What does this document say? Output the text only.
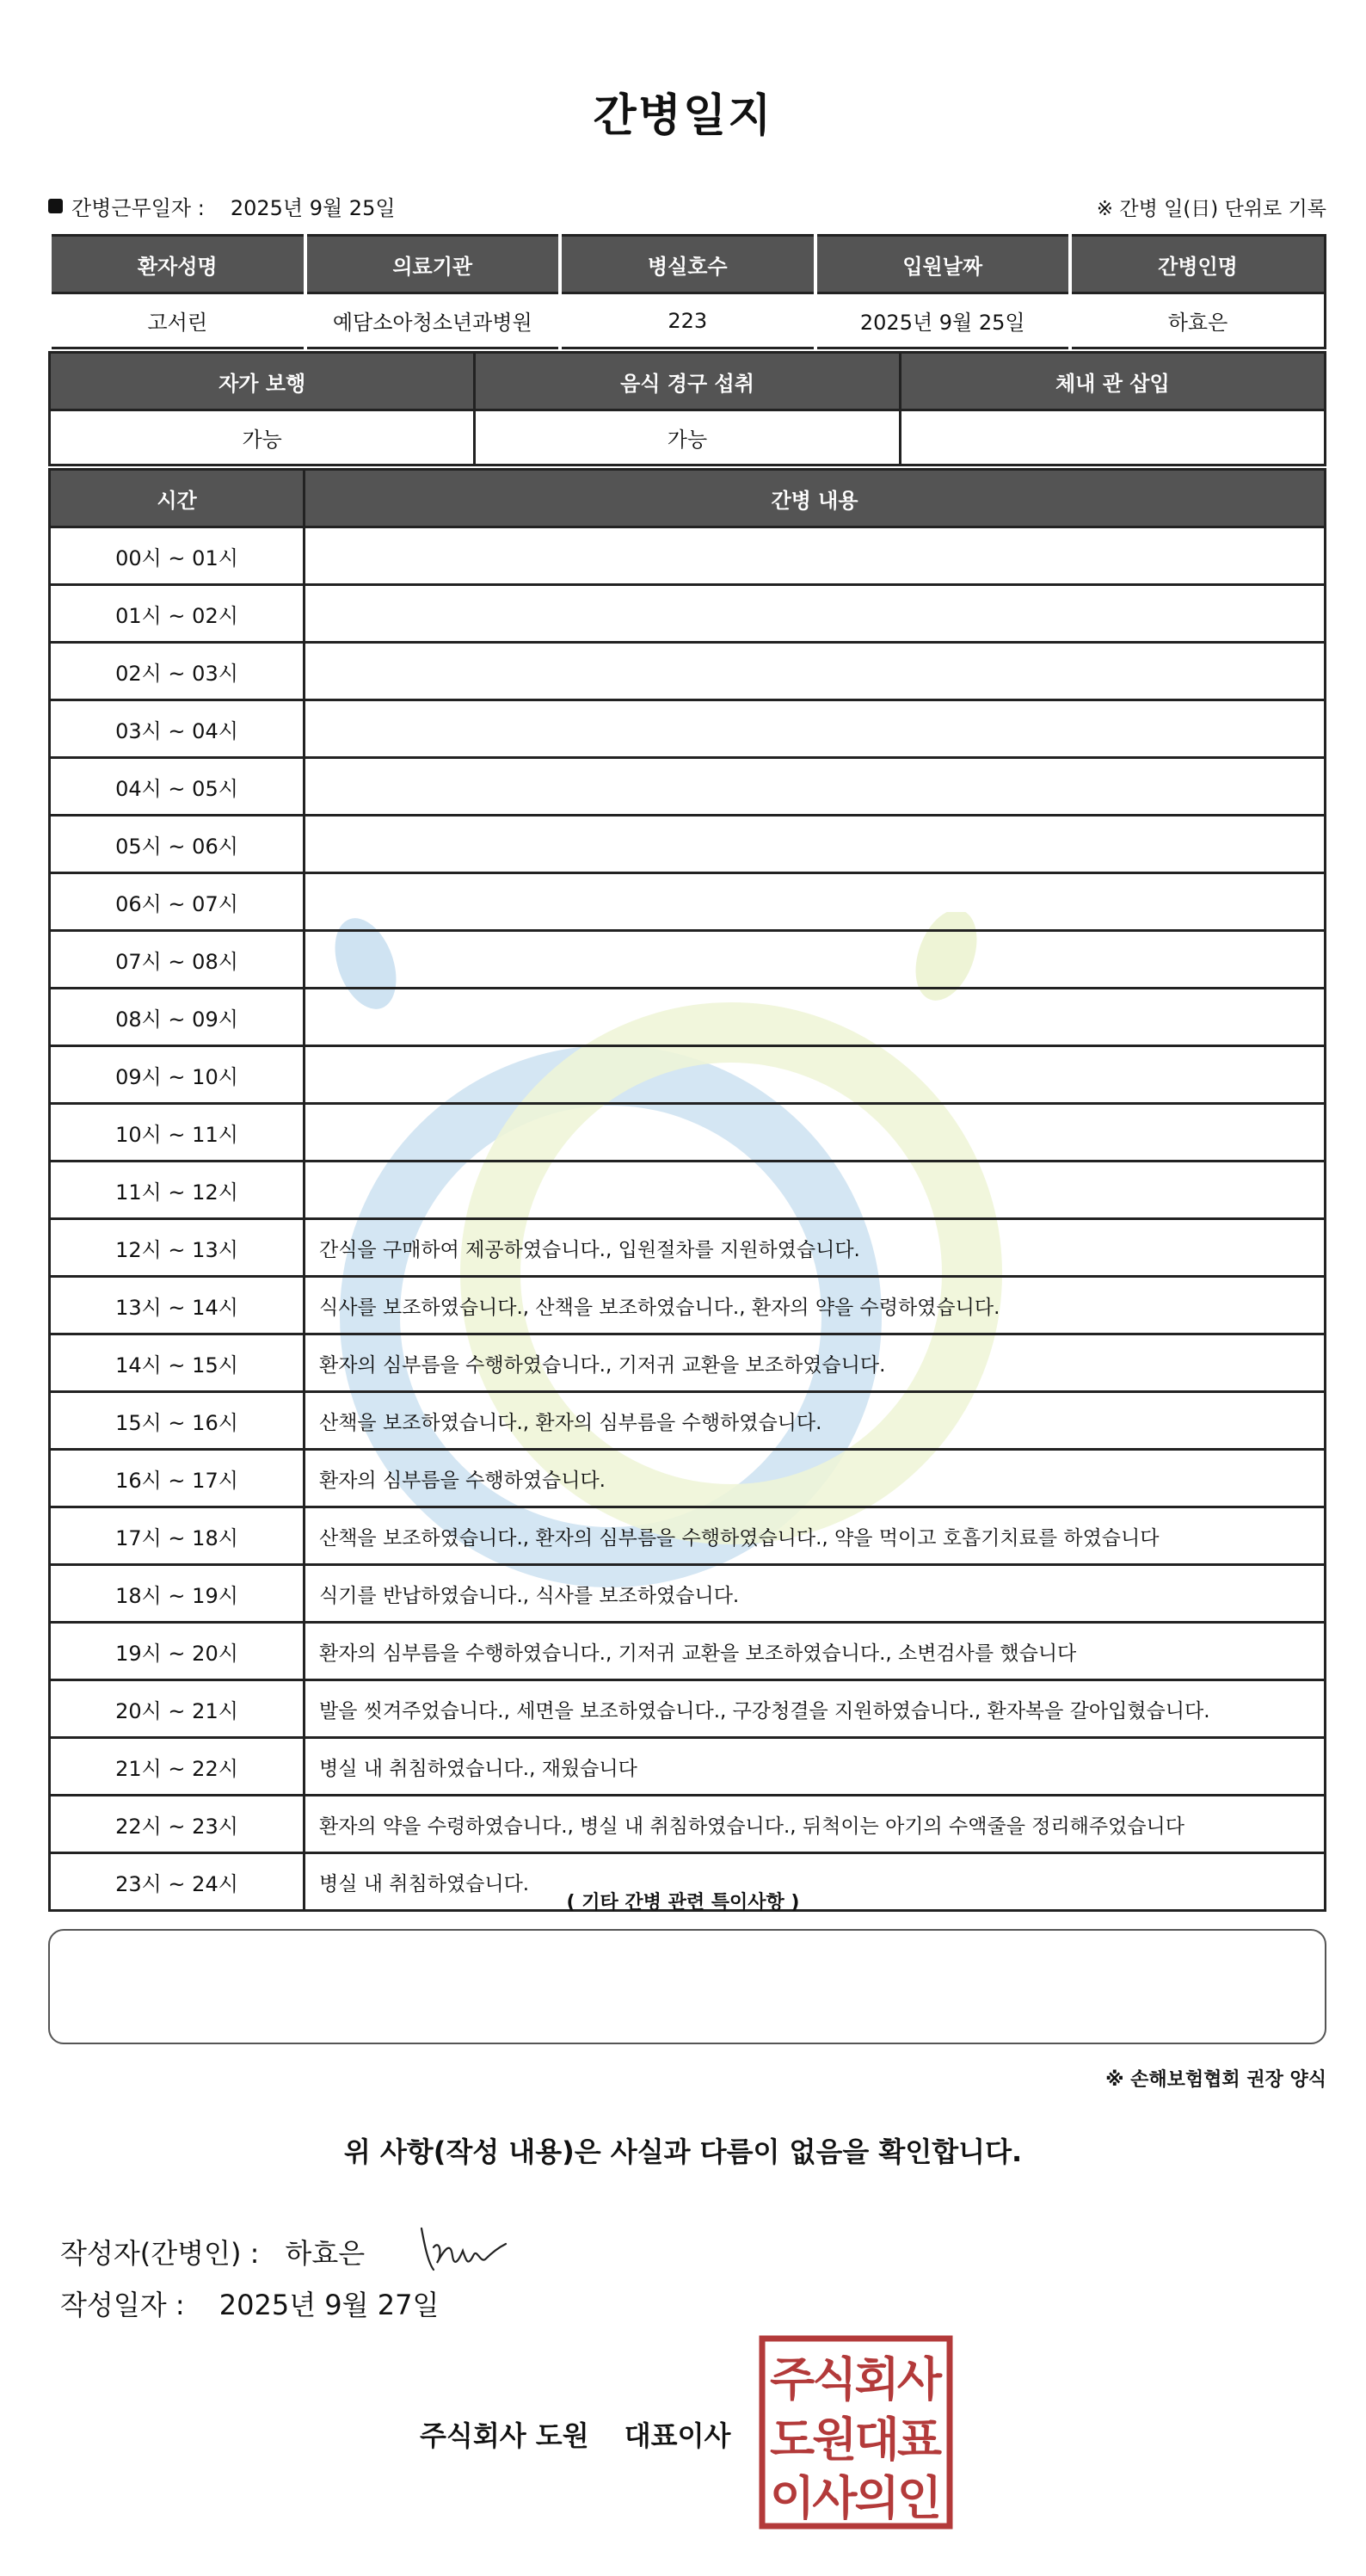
간병일지
간병근무일자 : 2025년 9월 25일	※ 간병 일(日) 단위로 기록
환자성명	의료기관	병실호수	입원날짜	간병인명
고서린	예담소아청소년과병원	223	2025년 9월 25일	하효은
자가 보행	음식 경구 섭취	체내 관 삽입
가능	가능	
시간	간병 내용
00시 ~ 01시	
01시 ~ 02시	
02시 ~ 03시	
03시 ~ 04시	
04시 ~ 05시	
05시 ~ 06시	
06시 ~ 07시	
07시 ~ 08시	
08시 ~ 09시	
09시 ~ 10시	
10시 ~ 11시	
11시 ~ 12시	
12시 ~ 13시	간식을 구매하여 제공하였습니다., 입원절차를 지원하였습니다.
13시 ~ 14시	식사를 보조하였습니다., 산책을 보조하였습니다., 환자의 약을 수령하였습니다.
14시 ~ 15시	환자의 심부름을 수행하였습니다., 기저귀 교환을 보조하였습니다.
15시 ~ 16시	산책을 보조하였습니다., 환자의 심부름을 수행하였습니다.
16시 ~ 17시	환자의 심부름을 수행하였습니다.
17시 ~ 18시	산책을 보조하였습니다., 환자의 심부름을 수행하였습니다., 약을 먹이고 호흡기치료를 하였습니다
18시 ~ 19시	식기를 반납하였습니다., 식사를 보조하였습니다.
19시 ~ 20시	환자의 심부름을 수행하였습니다., 기저귀 교환을 보조하였습니다., 소변검사를 했습니다
20시 ~ 21시	발을 씻겨주었습니다., 세면을 보조하였습니다., 구강청결을 지원하였습니다., 환자복을 갈아입혔습니다.
21시 ~ 22시	병실 내 취침하였습니다., 재웠습니다
22시 ~ 23시	환자의 약을 수령하였습니다., 병실 내 취침하였습니다., 뒤척이는 아기의 수액줄을 정리해주었습니다
23시 ~ 24시	병실 내 취침하였습니다.
( 기타 간병 관련 특이사항 )
※ 손해보험협회 권장 양식
위 사항(작성 내용)은 사실과 다름이 없음을 확인합니다.
작성자(간병인) : 하효은
작성일자 : 2025년 9월 27일
주식회사 도원 대표이사
주식회사
도원대표
이사의인
